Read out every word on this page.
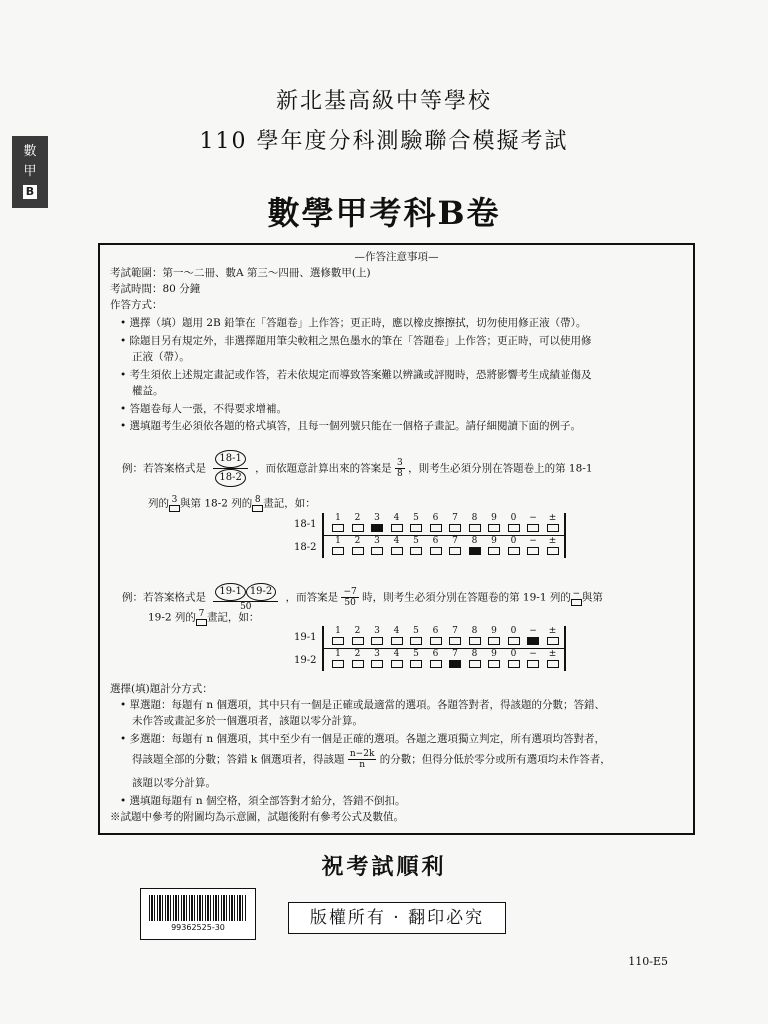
數
甲
B
新北基高級中等學校
110 學年度分科測驗聯合模擬考試
數學甲考科B卷
—作答注意事項—
考試範圍：第一～二冊、數A 第三～四冊、選修數甲(上)
考試時間：80 分鐘
作答方式：
• 選擇（填）題用 2B 鉛筆在「答題卷」上作答；更正時，應以橡皮擦擦拭，切勿使用修正液（帶）。
• 除題目另有規定外，非選擇題用筆尖較粗之黑色墨水的筆在「答題卷」上作答；更正時，可以使用修
正液（帶）。
• 考生須依上述規定畫記或作答，若未依規定而導致答案難以辨識或評閱時，恐將影響考生成績並傷及
權益。
• 答題卷每人一張，不得要求增補。
• 選填題考生必須依各題的格式填答，且每一個列號只能在一個格子畫記。請仔細閱讀下面的例子。
例：若答案格式是 $\frac{18-1}{18-2}$ ，而依題意計算出來的答案是 $\frac{3}{8}$ ，則考生必須分別在答題卷上的第 18-1
列的 3 與第 18-2 列的 8 畫記，如：
18-1
1	2	3	4	5	6	7	8	9	0	−	±
18-2
1	2	3	4	5	6	7	8	9	0	−	±
例：若答案格式是 $\frac{19-1 19-2}{50}$ ，而答案是 $\frac{-7}{50}$ 時，則考生必須分別在答題卷的第 19-1 列的 − 與第
19-2 列的 7 畫記，如：
19-1
1	2	3	4	5	6	7	8	9	0	−	±
19-2
1	2	3	4	5	6	7	8	9	0	−	±
選擇(填)題計分方式：
• 單選題：每題有 n 個選項，其中只有一個是正確或最適當的選項。各題答對者，得該題的分數；答錯、
未作答或畫記多於一個選項者，該題以零分計算。
• 多選題：每題有 n 個選項，其中至少有一個是正確的選項。各題之選項獨立判定，所有選項均答對者，
得該題全部的分數；答錯 k 個選項者，得該題 $\frac{n-2k}{n}$ 的分數；但得分低於零分或所有選項均未作答者，
該題以零分計算。
• 選填題每題有 n 個空格，須全部答對才給分，答錯不倒扣。
※試題中參考的附圖均為示意圖，試題後附有參考公式及數值。
祝考試順利
99362525-30	版權所有 · 翻印必究
110-E5
